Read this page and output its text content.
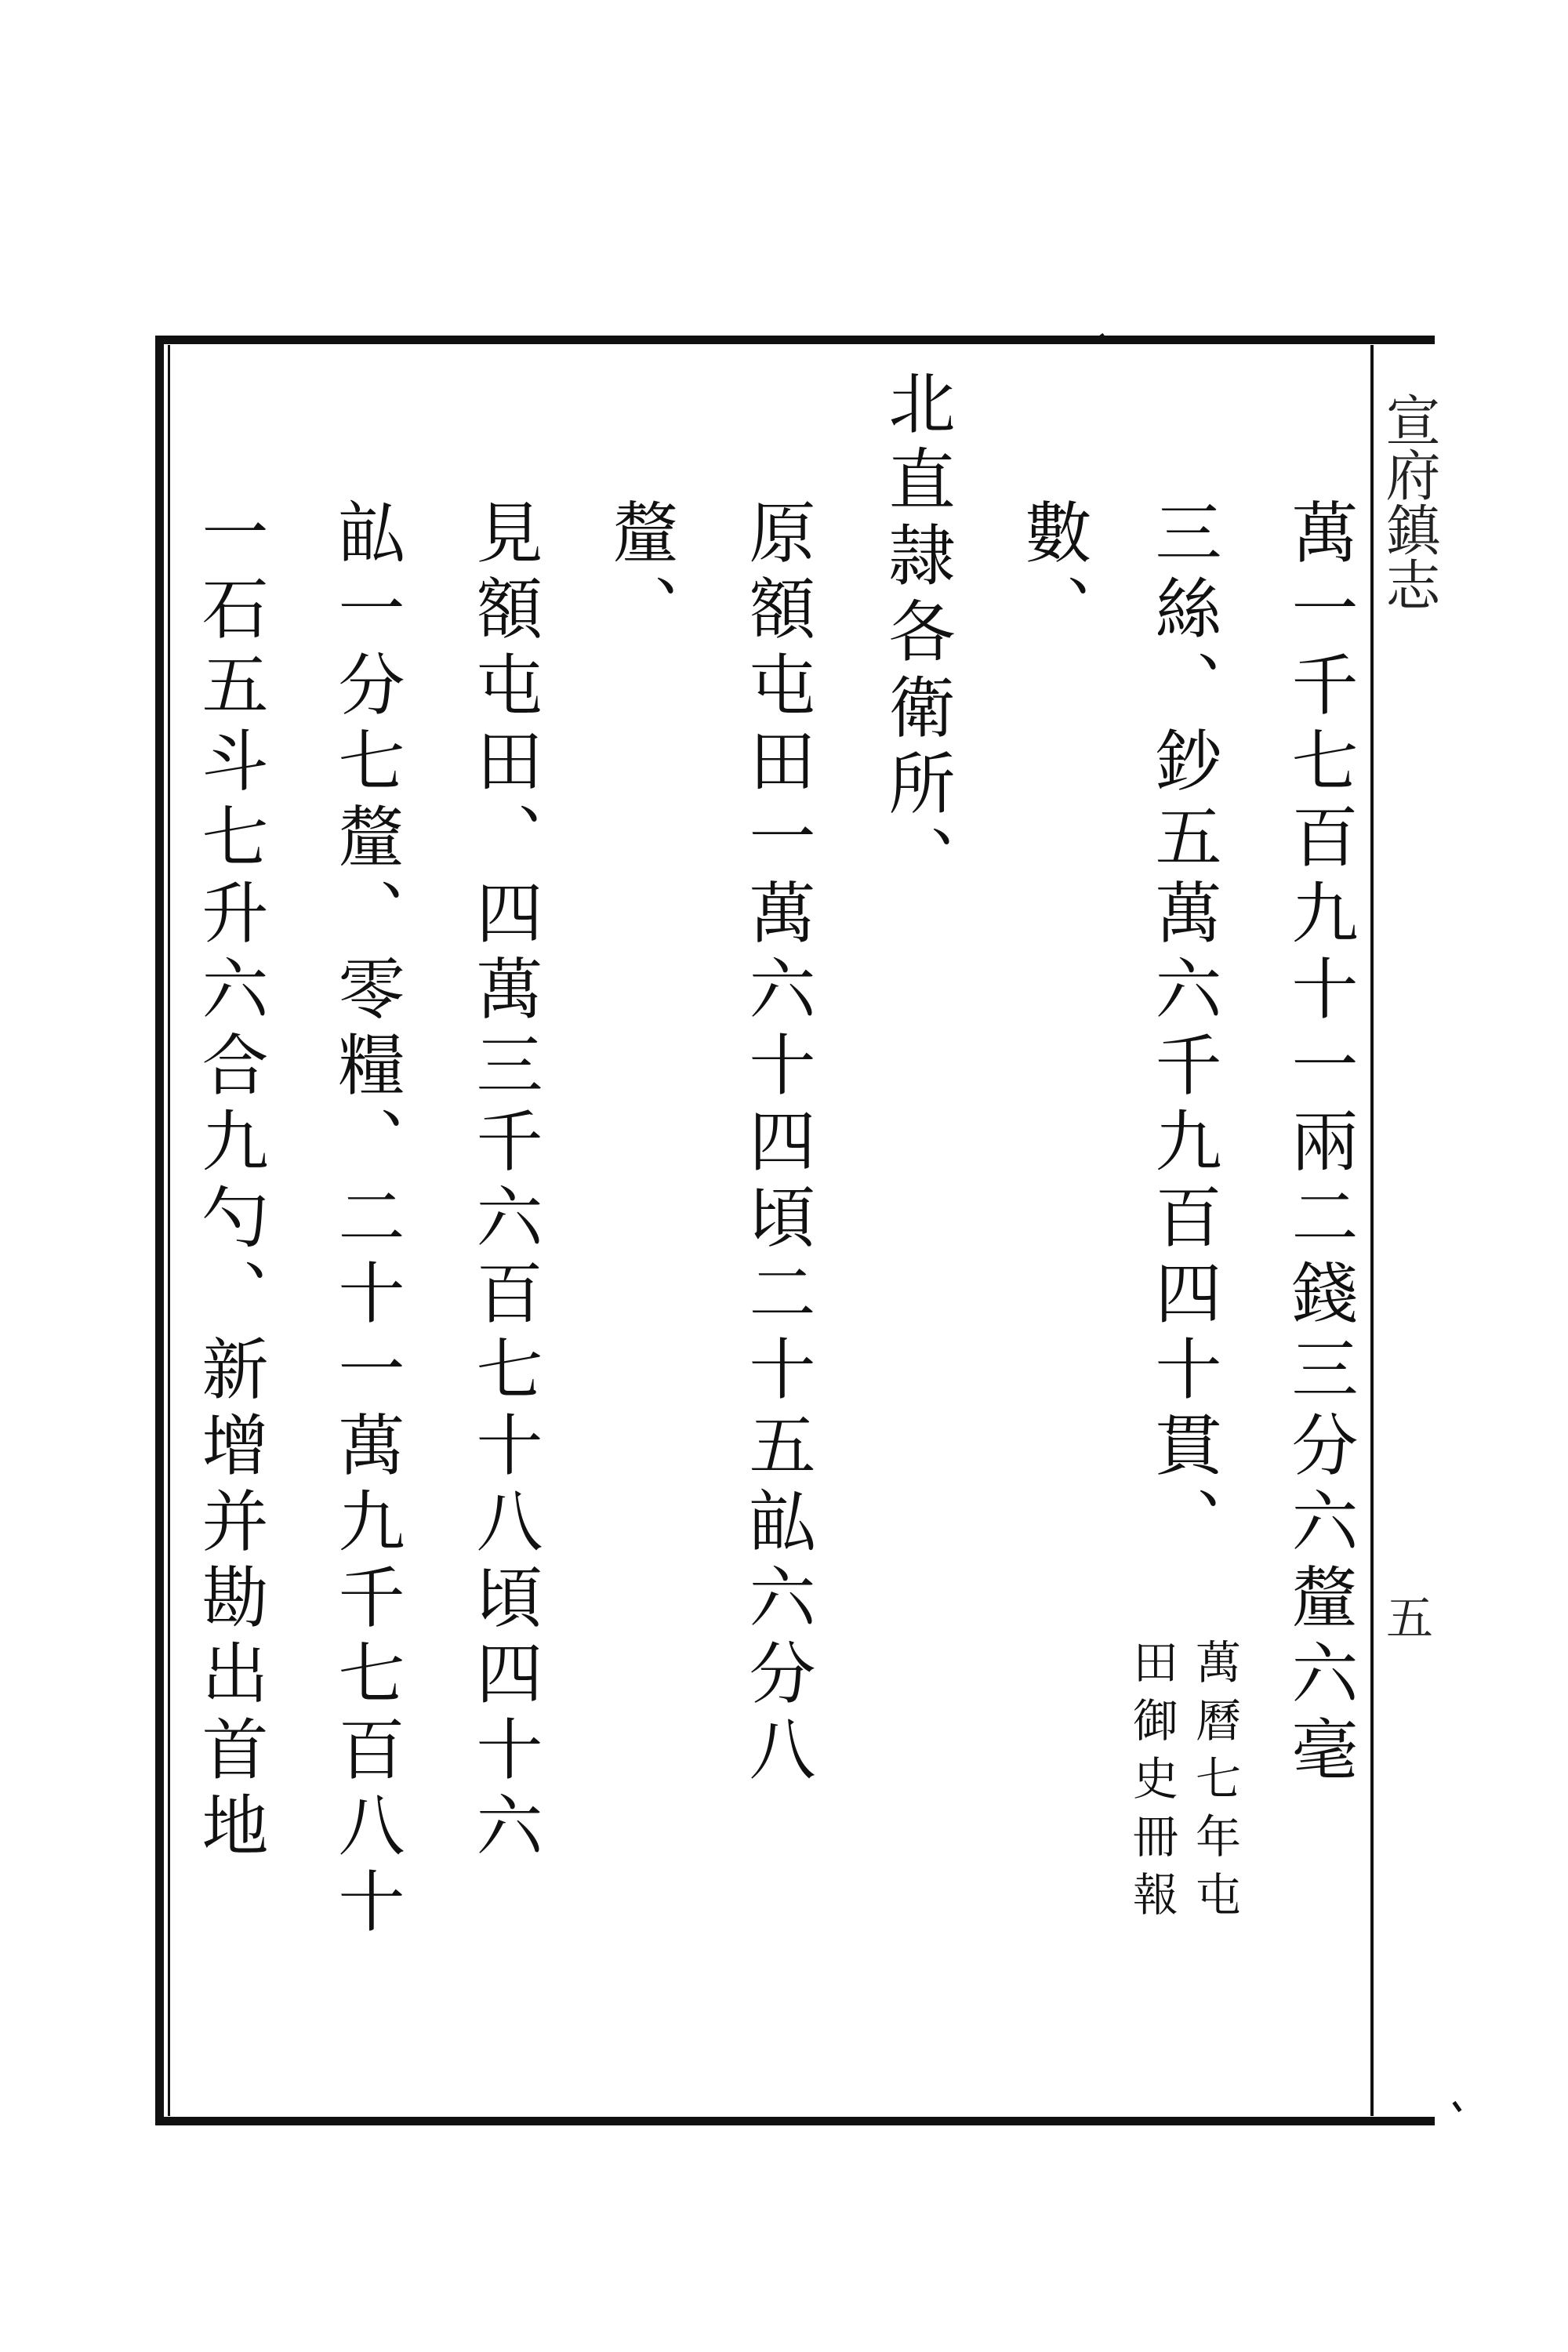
宣府鎮志
五
萬一千七百九十一兩二錢三分六釐六毫
三絲、鈔五萬六千九百四十貫、
萬曆七年屯
田御史冊報
數、
北直隷各衛所、
原額屯田一萬六十四頃二十五畆六分八
釐、
見額屯田、四萬三千六百七十八頃四十六
畆一分七釐、零糧、二十一萬九千七百八十
一石五斗七升六合九勺、新增并勘出首地
